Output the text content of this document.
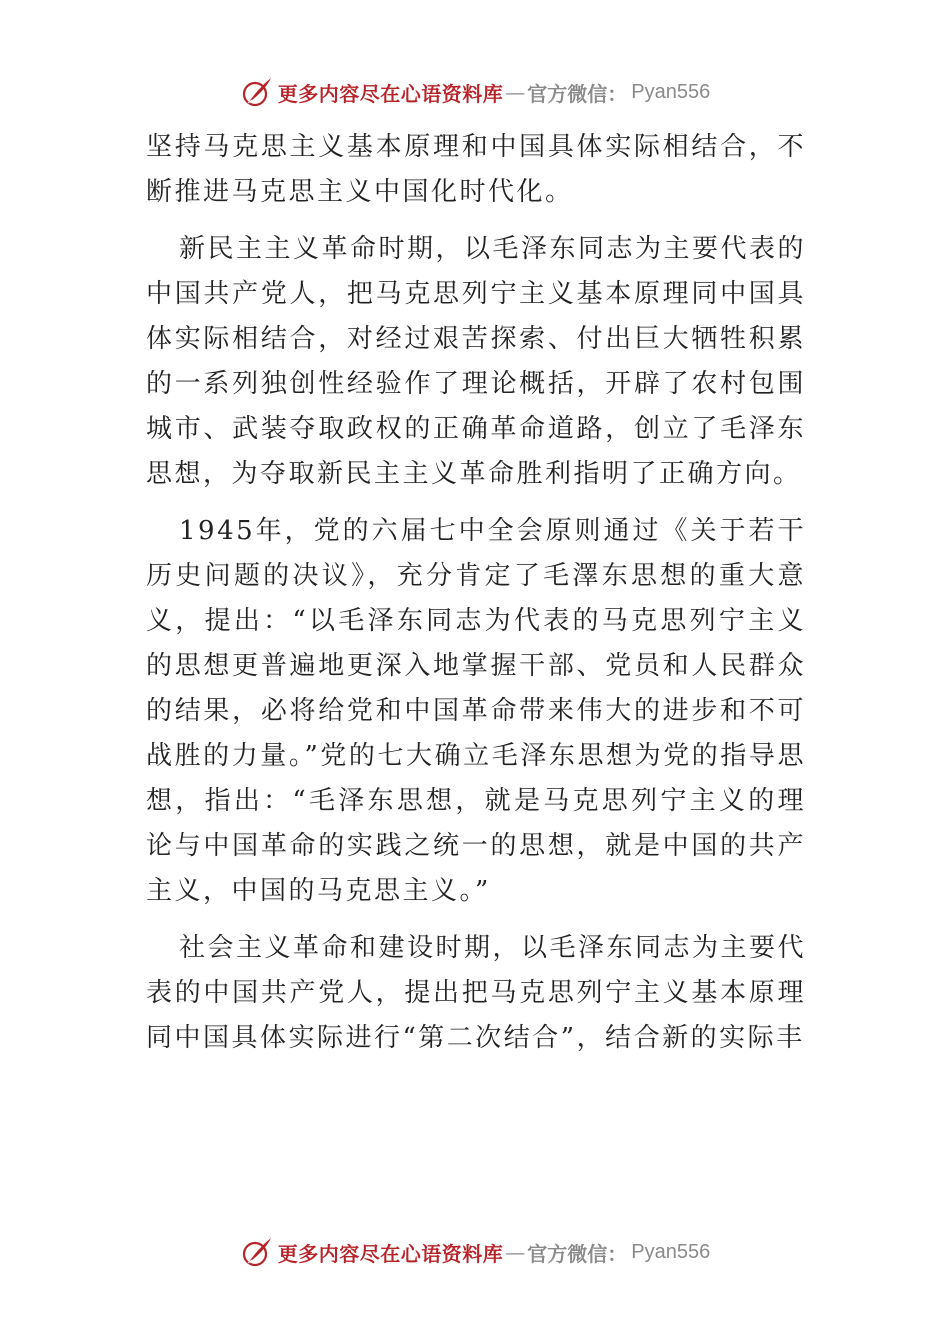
更多内容尽在心语资料库 — 官方微信： Pyan556

坚持马克思主义基本原理和中国具体实际相结合，不断推进马克思主义中国化时代化。

新民主主义革命时期，以毛泽东同志为主要代表的中国共产党人，把马克思列宁主义基本原理同中国具体实际相结合，对经过艰苦探索、付出巨大牺牲积累的一系列独创性经验作了理论概括，开辟了农村包围城市、武装夺取政权的正确革命道路，创立了毛泽东思想，为夺取新民主主义革命胜利指明了正确方向。

1945年，党的六届七中全会原则通过《关于若干历史问题的决议》，充分肯定了毛澤东思想的重大意义，提出：“以毛泽东同志为代表的马克思列宁主义的思想更普遍地更深入地掌握干部、党员和人民群众的结果，必将给党和中国革命带来伟大的进步和不可战胜的力量。”党的七大确立毛泽东思想为党的指导思想，指出：“毛泽东思想，就是马克思列宁主义的理论与中国革命的实践之统一的思想，就是中国的共产主义，中国的马克思主义。”

社会主义革命和建设时期，以毛泽东同志为主要代表的中国共产党人，提出把马克思列宁主义基本原理同中国具体实际进行“第二次结合”，结合新的实际丰

更多内容尽在心语资料库 — 官方微信： Pyan556
